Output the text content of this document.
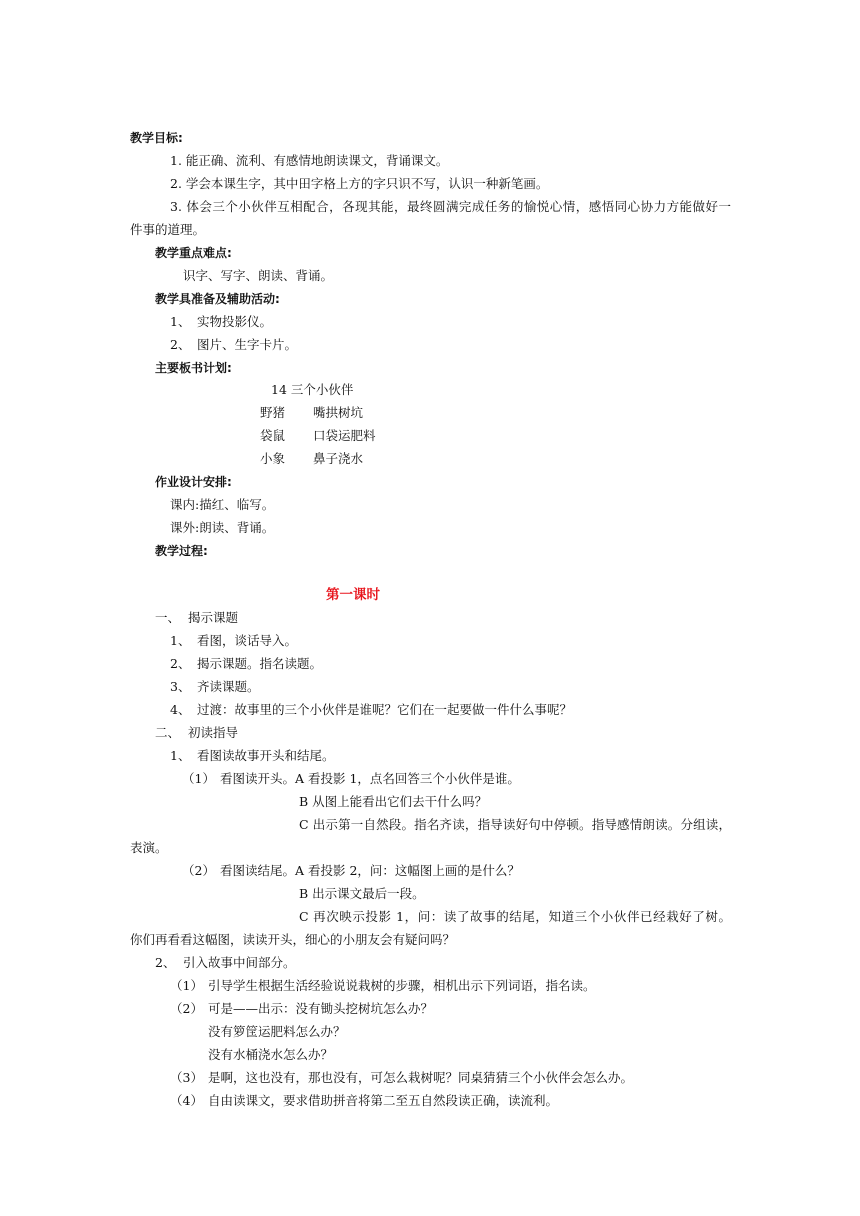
教学目标:
1. 能正确、流利、有感情地朗读课文，背诵课文。
2. 学会本课生字，其中田字格上方的字只识不写，认识一种新笔画。
3. 体会三个小伙伴互相配合，各现其能，最终圆满完成任务的愉悦心情，感悟同心协力方能做好一
件事的道理。
教学重点难点:
识字、写字、朗读、背诵。
教学具准备及辅助活动:
1、 实物投影仪。
2、 图片、生字卡片。
主要板书计划:
14 三个小伙伴
野猪 嘴拱树坑
袋鼠 口袋运肥料
小象 鼻子浇水
作业设计安排:
课内:描红、临写。
课外:朗读、背诵。
教学过程:
第一课时
一、 揭示课题
1、 看图，谈话导入。
2、 揭示课题。指名读题。
3、 齐读课题。
4、 过渡：故事里的三个小伙伴是谁呢？它们在一起要做一件什么事呢？
二、 初读指导
1、 看图读故事开头和结尾。
（1） 看图读开头。A 看投影 1，点名回答三个小伙伴是谁。
B 从图上能看出它们去干什么吗？
C 出示第一自然段。指名齐读，指导读好句中停顿。指导感情朗读。分组读，
表演。
（2） 看图读结尾。A 看投影 2，问：这幅图上画的是什么？
B 出示课文最后一段。
C 再次映示投影 1，问：读了故事的结尾，知道三个小伙伴已经栽好了树。
你们再看看这幅图，读读开头，细心的小朋友会有疑问吗？
2、 引入故事中间部分。
（1） 引导学生根据生活经验说说栽树的步骤，相机出示下列词语，指名读。
（2） 可是——出示：没有锄头挖树坑怎么办？
没有箩筐运肥料怎么办？
没有水桶浇水怎么办？
（3） 是啊，这也没有，那也没有，可怎么栽树呢？同桌猜猜三个小伙伴会怎么办。
（4） 自由读课文，要求借助拼音将第二至五自然段读正确，读流利。
